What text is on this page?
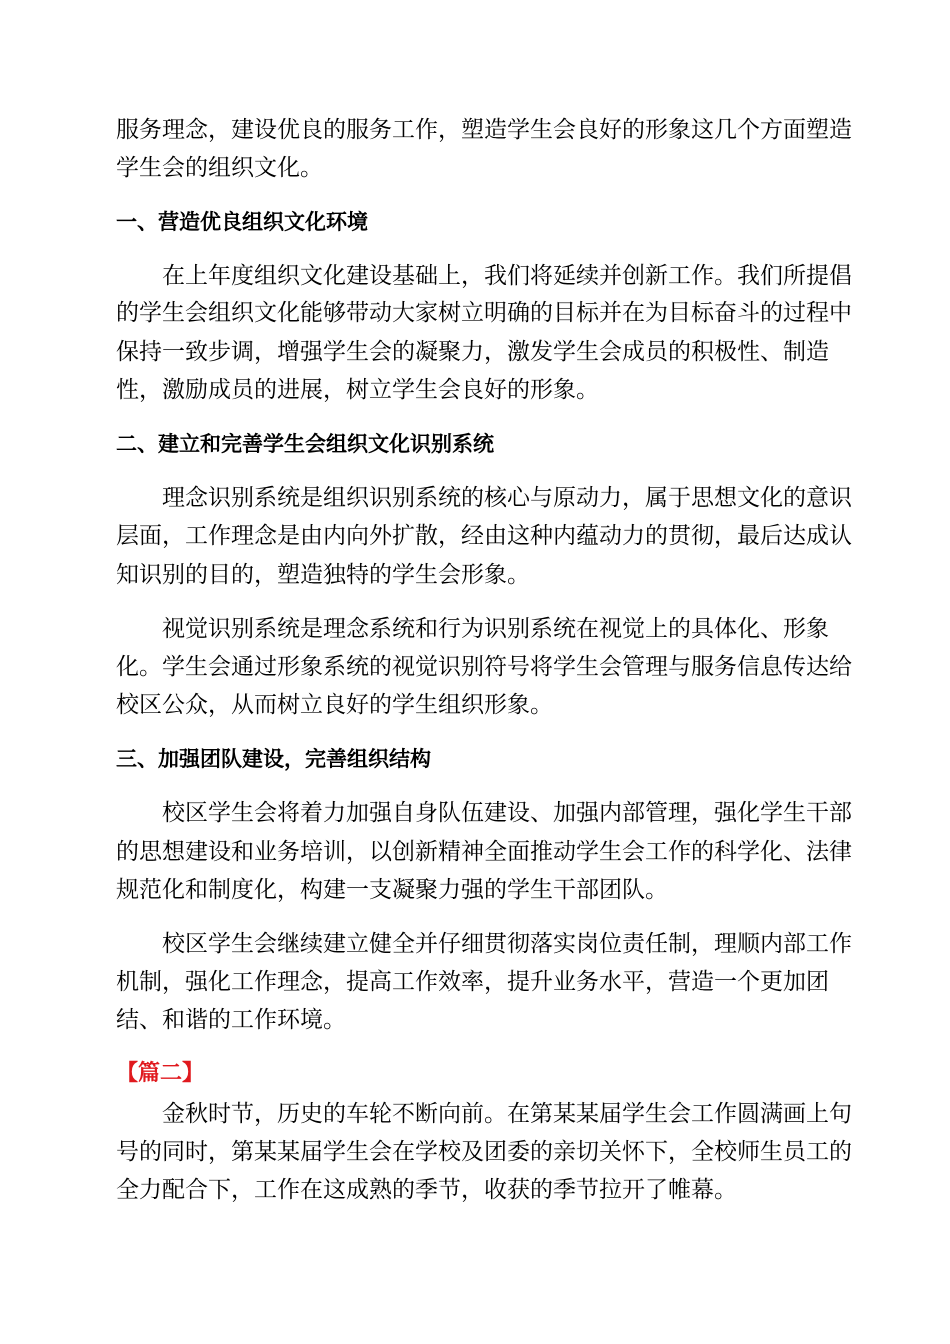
服务理念，建设优良的服务工作，塑造学生会良好的形象这几个方面塑造
学生会的组织文化。
一、营造优良组织文化环境
在上年度组织文化建设基础上，我们将延续并创新工作。我们所提倡
的学生会组织文化能够带动大家树立明确的目标并在为目标奋斗的过程中
保持一致步调，增强学生会的凝聚力，激发学生会成员的积极性、制造
性，激励成员的进展，树立学生会良好的形象。
二、建立和完善学生会组织文化识别系统
理念识别系统是组织识别系统的核心与原动力，属于思想文化的意识
层面，工作理念是由内向外扩散，经由这种内蕴动力的贯彻，最后达成认
知识别的目的，塑造独特的学生会形象。
视觉识别系统是理念系统和行为识别系统在视觉上的具体化、形象
化。学生会通过形象系统的视觉识别符号将学生会管理与服务信息传达给
校区公众，从而树立良好的学生组织形象。
三、加强团队建设，完善组织结构
校区学生会将着力加强自身队伍建设、加强内部管理，强化学生干部
的思想建设和业务培训，以创新精神全面推动学生会工作的科学化、法律
规范化和制度化，构建一支凝聚力强的学生干部团队。
校区学生会继续建立健全并仔细贯彻落实岗位责任制，理顺内部工作
机制，强化工作理念，提高工作效率，提升业务水平，营造一个更加团
结、和谐的工作环境。
【篇二】
金秋时节，历史的车轮不断向前。在第某某届学生会工作圆满画上句
号的同时，第某某届学生会在学校及团委的亲切关怀下，全校师生员工的
全力配合下，工作在这成熟的季节，收获的季节拉开了帷幕。
